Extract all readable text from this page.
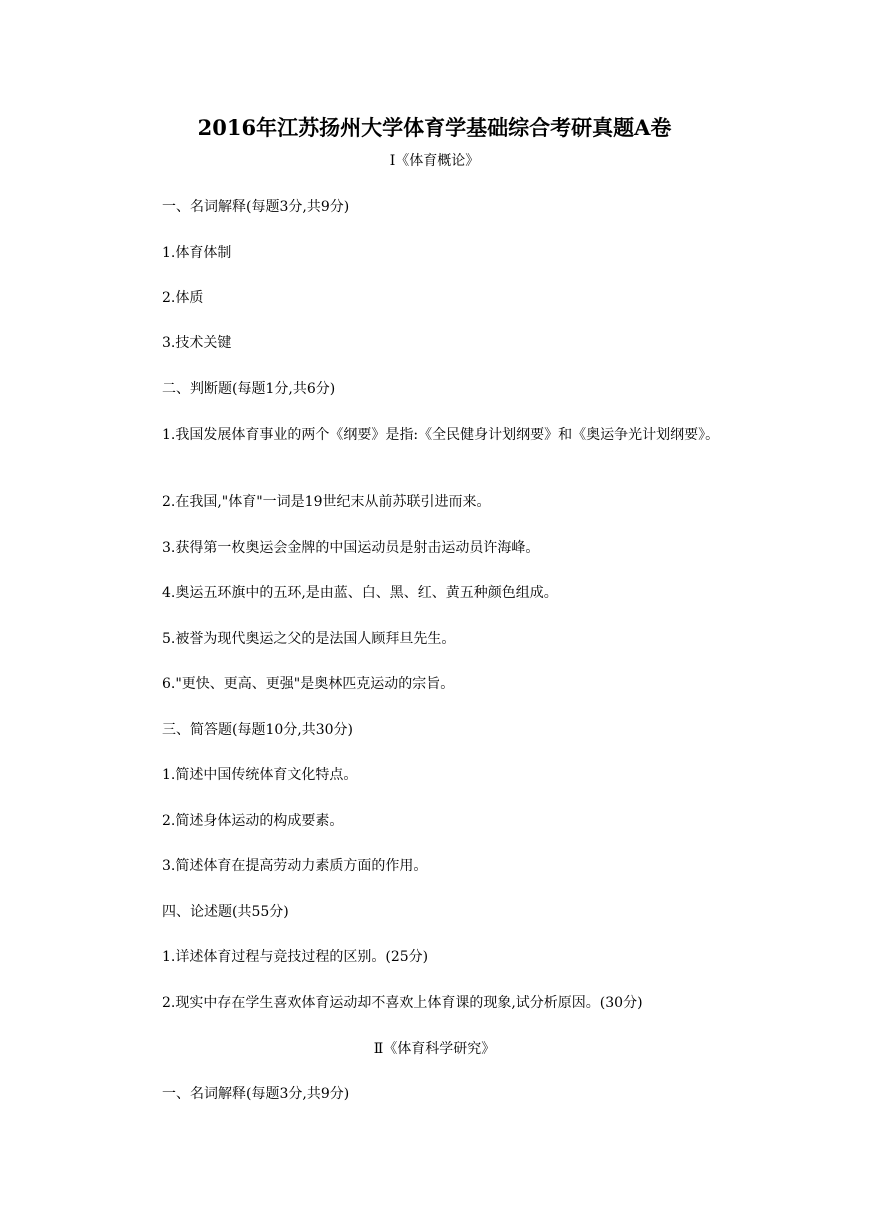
2016年江苏扬州大学体育学基础综合考研真题A卷
Ⅰ《体育概论》
一、名词解释(每题3分,共9分)
1.体育体制
2.体质
3.技术关键
二、判断题(每题1分,共6分)
1.我国发展体育事业的两个《纲要》是指:《全民健身计划纲要》和《奥运争光计划纲要》。
2.在我国,"体育"一词是19世纪末从前苏联引进而来。
3.获得第一枚奥运会金牌的中国运动员是射击运动员许海峰。
4.奥运五环旗中的五环,是由蓝、白、黑、红、黄五种颜色组成。
5.被誉为现代奥运之父的是法国人顾拜旦先生。
6."更快、更高、更强"是奥林匹克运动的宗旨。
三、简答题(每题10分,共30分)
1.简述中国传统体育文化特点。
2.简述身体运动的构成要素。
3.简述体育在提高劳动力素质方面的作用。
四、论述题(共55分)
1.详述体育过程与竞技过程的区别。(25分)
2.现实中存在学生喜欢体育运动却不喜欢上体育课的现象,试分析原因。(30分)
Ⅱ《体育科学研究》
一、名词解释(每题3分,共9分)
